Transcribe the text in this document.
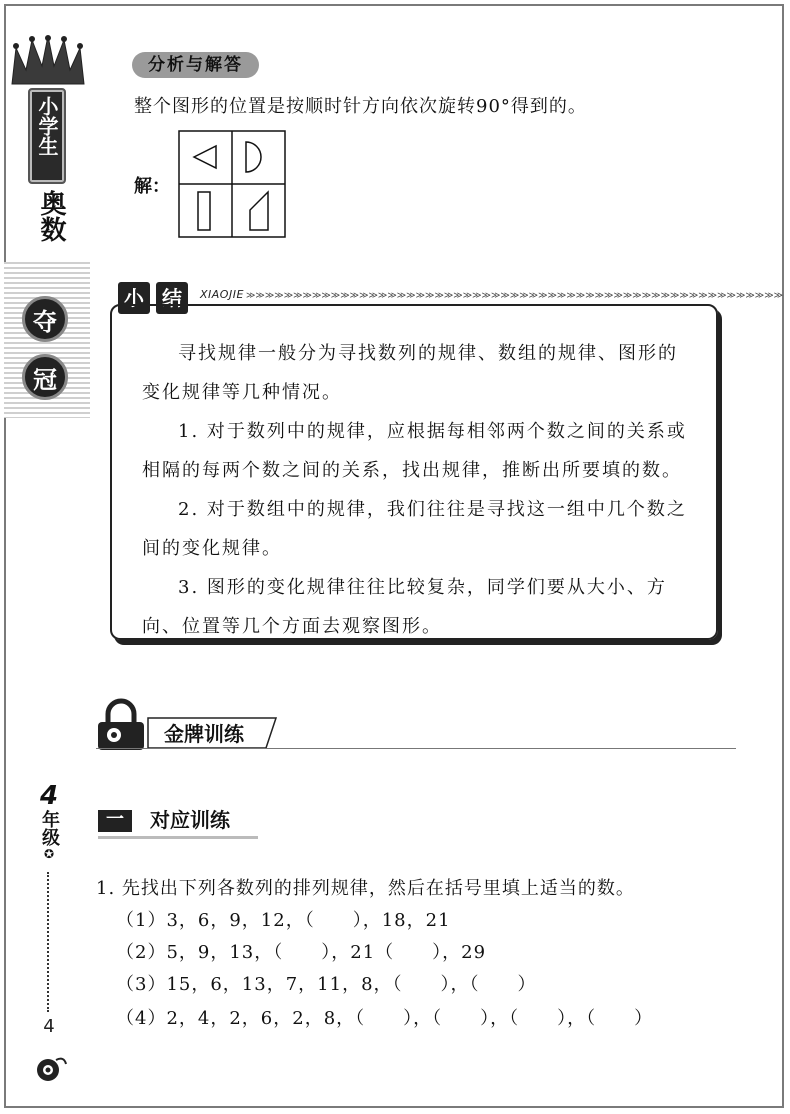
小学生
奥数
夺
冠
4
年级
✪
4
分析与解答
整个图形的位置是按顺时针方向依次旋转90°得到的。
解：
小 结	XIAOJIE ≫≫≫≫≫≫≫≫≫≫≫≫≫≫≫≫≫≫≫≫≫≫≫≫≫≫≫≫≫≫≫≫≫≫≫≫≫≫≫≫≫≫≫≫≫≫≫≫≫≫≫≫≫≫≫≫≫

寻找规律一般分为寻找数列的规律、数组的规律、图形的变化规律等几种情况。

1. 对于数列中的规律，应根据每相邻两个数之间的关系或相隔的每两个数之间的关系，找出规律，推断出所要填的数。

2. 对于数组中的规律，我们往往是寻找这一组中几个数之间的变化规律。

3. 图形的变化规律往往比较复杂，同学们要从大小、方向、位置等几个方面去观察图形。

金牌训练
一	对应训练
1. 先找出下列各数列的排列规律，然后在括号里填上适当的数。
（1）3，6，9，12，（　　），18，21
（2）5，9，13，（　　），21（　　），29
（3）15，6，13，7，11，8，（　　），（　　）
（4）2，4，2，6，2，8，（　　），（　　），（　　），（　　）
